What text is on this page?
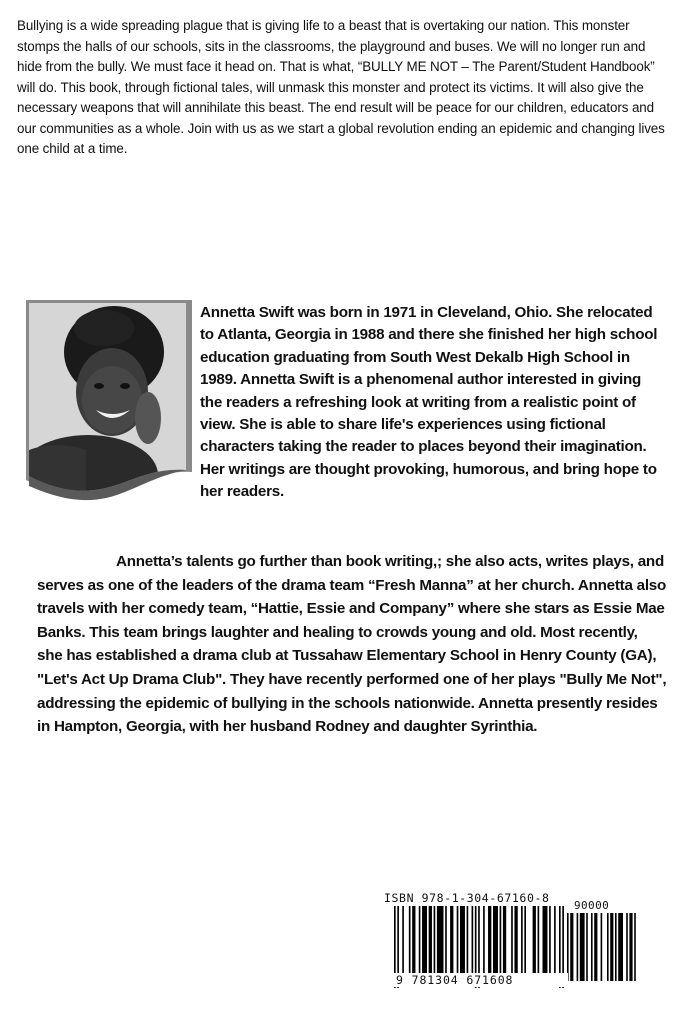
Bullying is a wide spreading plague that is giving life to a beast that is overtaking our nation. This monster stomps the halls of our schools, sits in the classrooms, the playground and buses. We will no longer run and hide from the bully. We must face it head on. That is what, “BULLY ME NOT – The Parent/Student Handbook” will do. This book, through fictional tales, will unmask this monster and protect its victims. It will also give the necessary weapons that will annihilate this beast. The end result will be peace for our children, educators and our communities as a whole. Join with us as we start a global revolution ending an epidemic and changing lives one child at a time.
Annetta Swift was born in 1971 in Cleveland, Ohio. She relocated to Atlanta, Georgia in 1988 and there she finished her high school education graduating from South West Dekalb High School in 1989. Annetta Swift is a phenomenal author interested in giving the readers a refreshing look at writing from a realistic point of view. She is able to share life's experiences using fictional characters taking the reader to places beyond their imagination. Her writings are thought provoking, humorous, and bring hope to her readers.
Annetta’s talents go further than book writing,; she also acts, writes plays, and serves as one of the leaders of the drama team “Fresh Manna” at her church. Annetta also travels with her comedy team, “Hattie, Essie and Company” where she stars as Essie Mae Banks. This team brings laughter and healing to crowds young and old. Most recently, she has established a drama club at Tussahaw Elementary School in Henry County (GA), "Let's Act Up Drama Club". They have recently performed one of her plays "Bully Me Not", addressing the epidemic of bullying in the schools nationwide. Annetta presently resides in Hampton, Georgia, with her husband Rodney and daughter Syrinthia.
ISBN 978-1-304-67160-8
90000
9 781304 671608
